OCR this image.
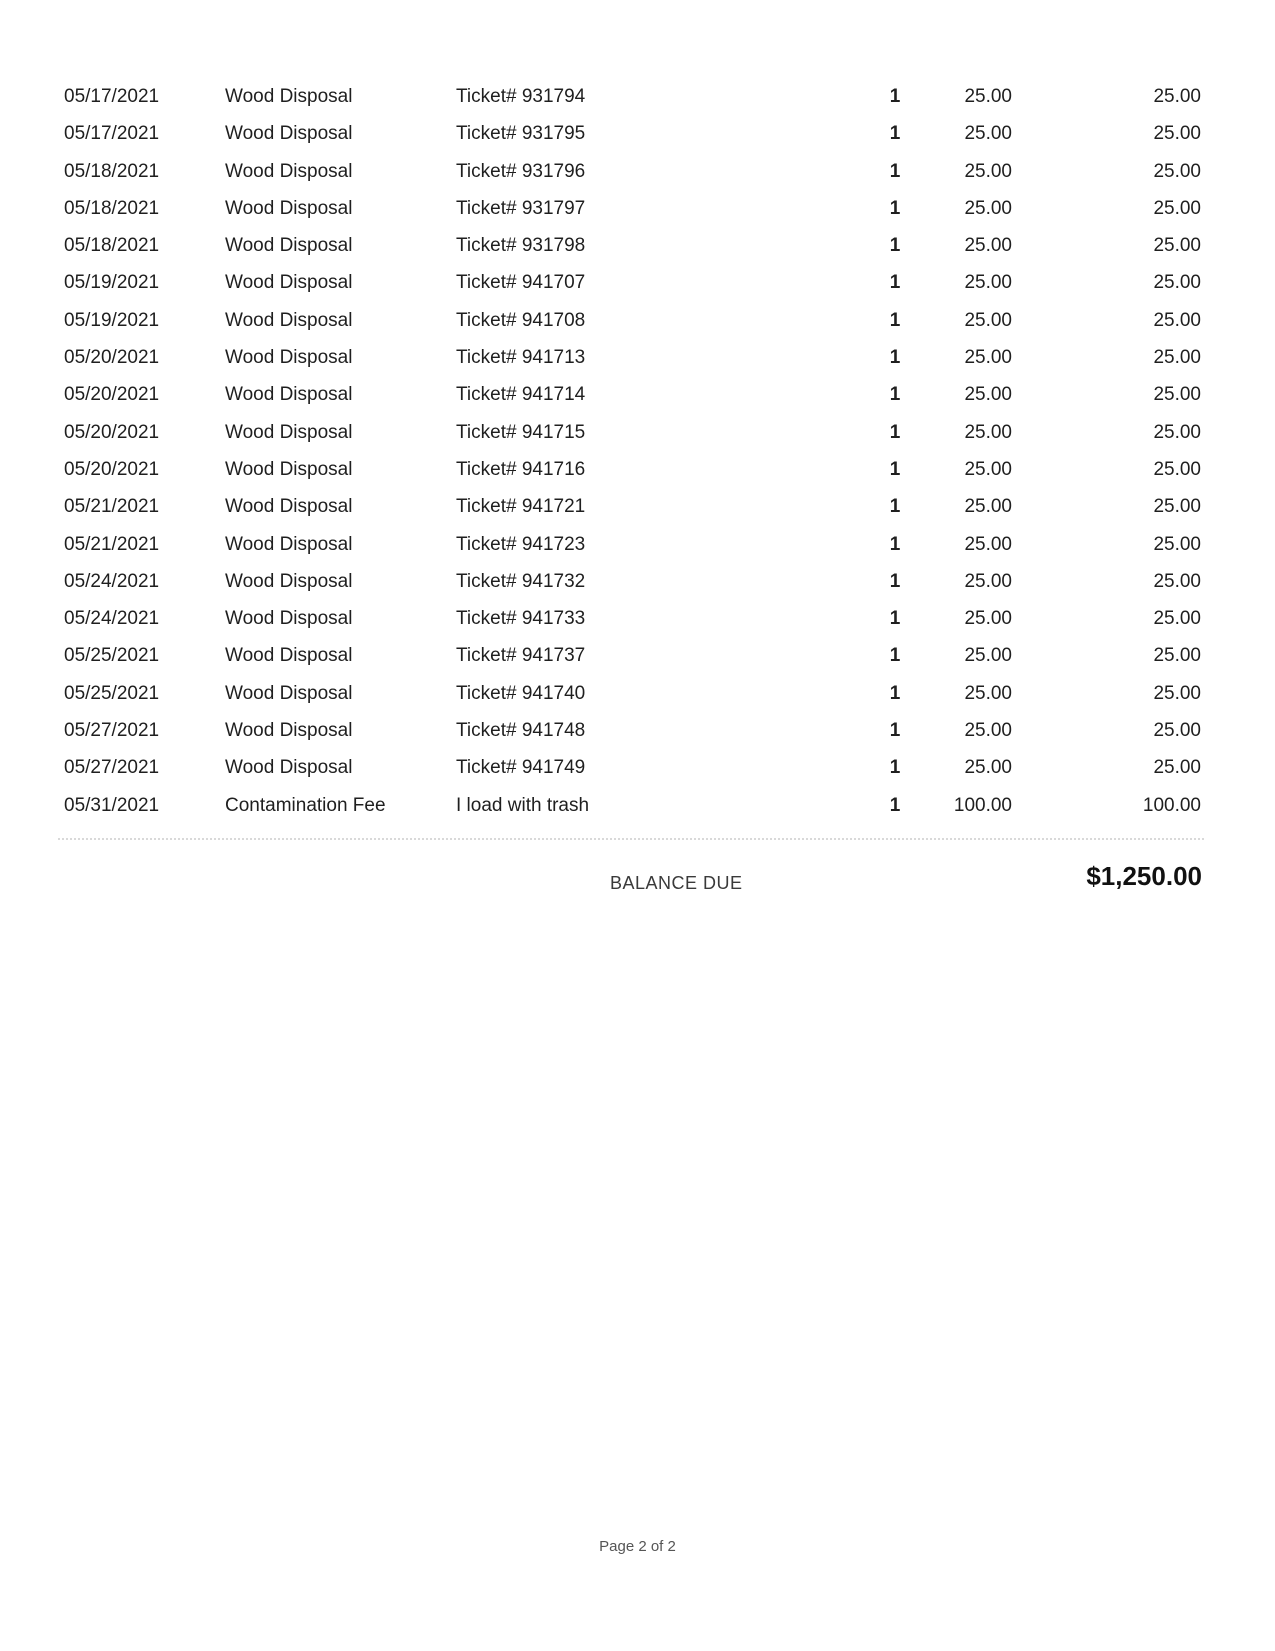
05/17/2021	Wood Disposal	Ticket# 931794	1	25.00	25.00
05/17/2021	Wood Disposal	Ticket# 931795	1	25.00	25.00
05/18/2021	Wood Disposal	Ticket# 931796	1	25.00	25.00
05/18/2021	Wood Disposal	Ticket# 931797	1	25.00	25.00
05/18/2021	Wood Disposal	Ticket# 931798	1	25.00	25.00
05/19/2021	Wood Disposal	Ticket# 941707	1	25.00	25.00
05/19/2021	Wood Disposal	Ticket# 941708	1	25.00	25.00
05/20/2021	Wood Disposal	Ticket# 941713	1	25.00	25.00
05/20/2021	Wood Disposal	Ticket# 941714	1	25.00	25.00
05/20/2021	Wood Disposal	Ticket# 941715	1	25.00	25.00
05/20/2021	Wood Disposal	Ticket# 941716	1	25.00	25.00
05/21/2021	Wood Disposal	Ticket# 941721	1	25.00	25.00
05/21/2021	Wood Disposal	Ticket# 941723	1	25.00	25.00
05/24/2021	Wood Disposal	Ticket# 941732	1	25.00	25.00
05/24/2021	Wood Disposal	Ticket# 941733	1	25.00	25.00
05/25/2021	Wood Disposal	Ticket# 941737	1	25.00	25.00
05/25/2021	Wood Disposal	Ticket# 941740	1	25.00	25.00
05/27/2021	Wood Disposal	Ticket# 941748	1	25.00	25.00
05/27/2021	Wood Disposal	Ticket# 941749	1	25.00	25.00
05/31/2021	Contamination Fee	I load with trash	1	100.00	100.00
BALANCE DUE	$1,250.00
Page 2 of 2
